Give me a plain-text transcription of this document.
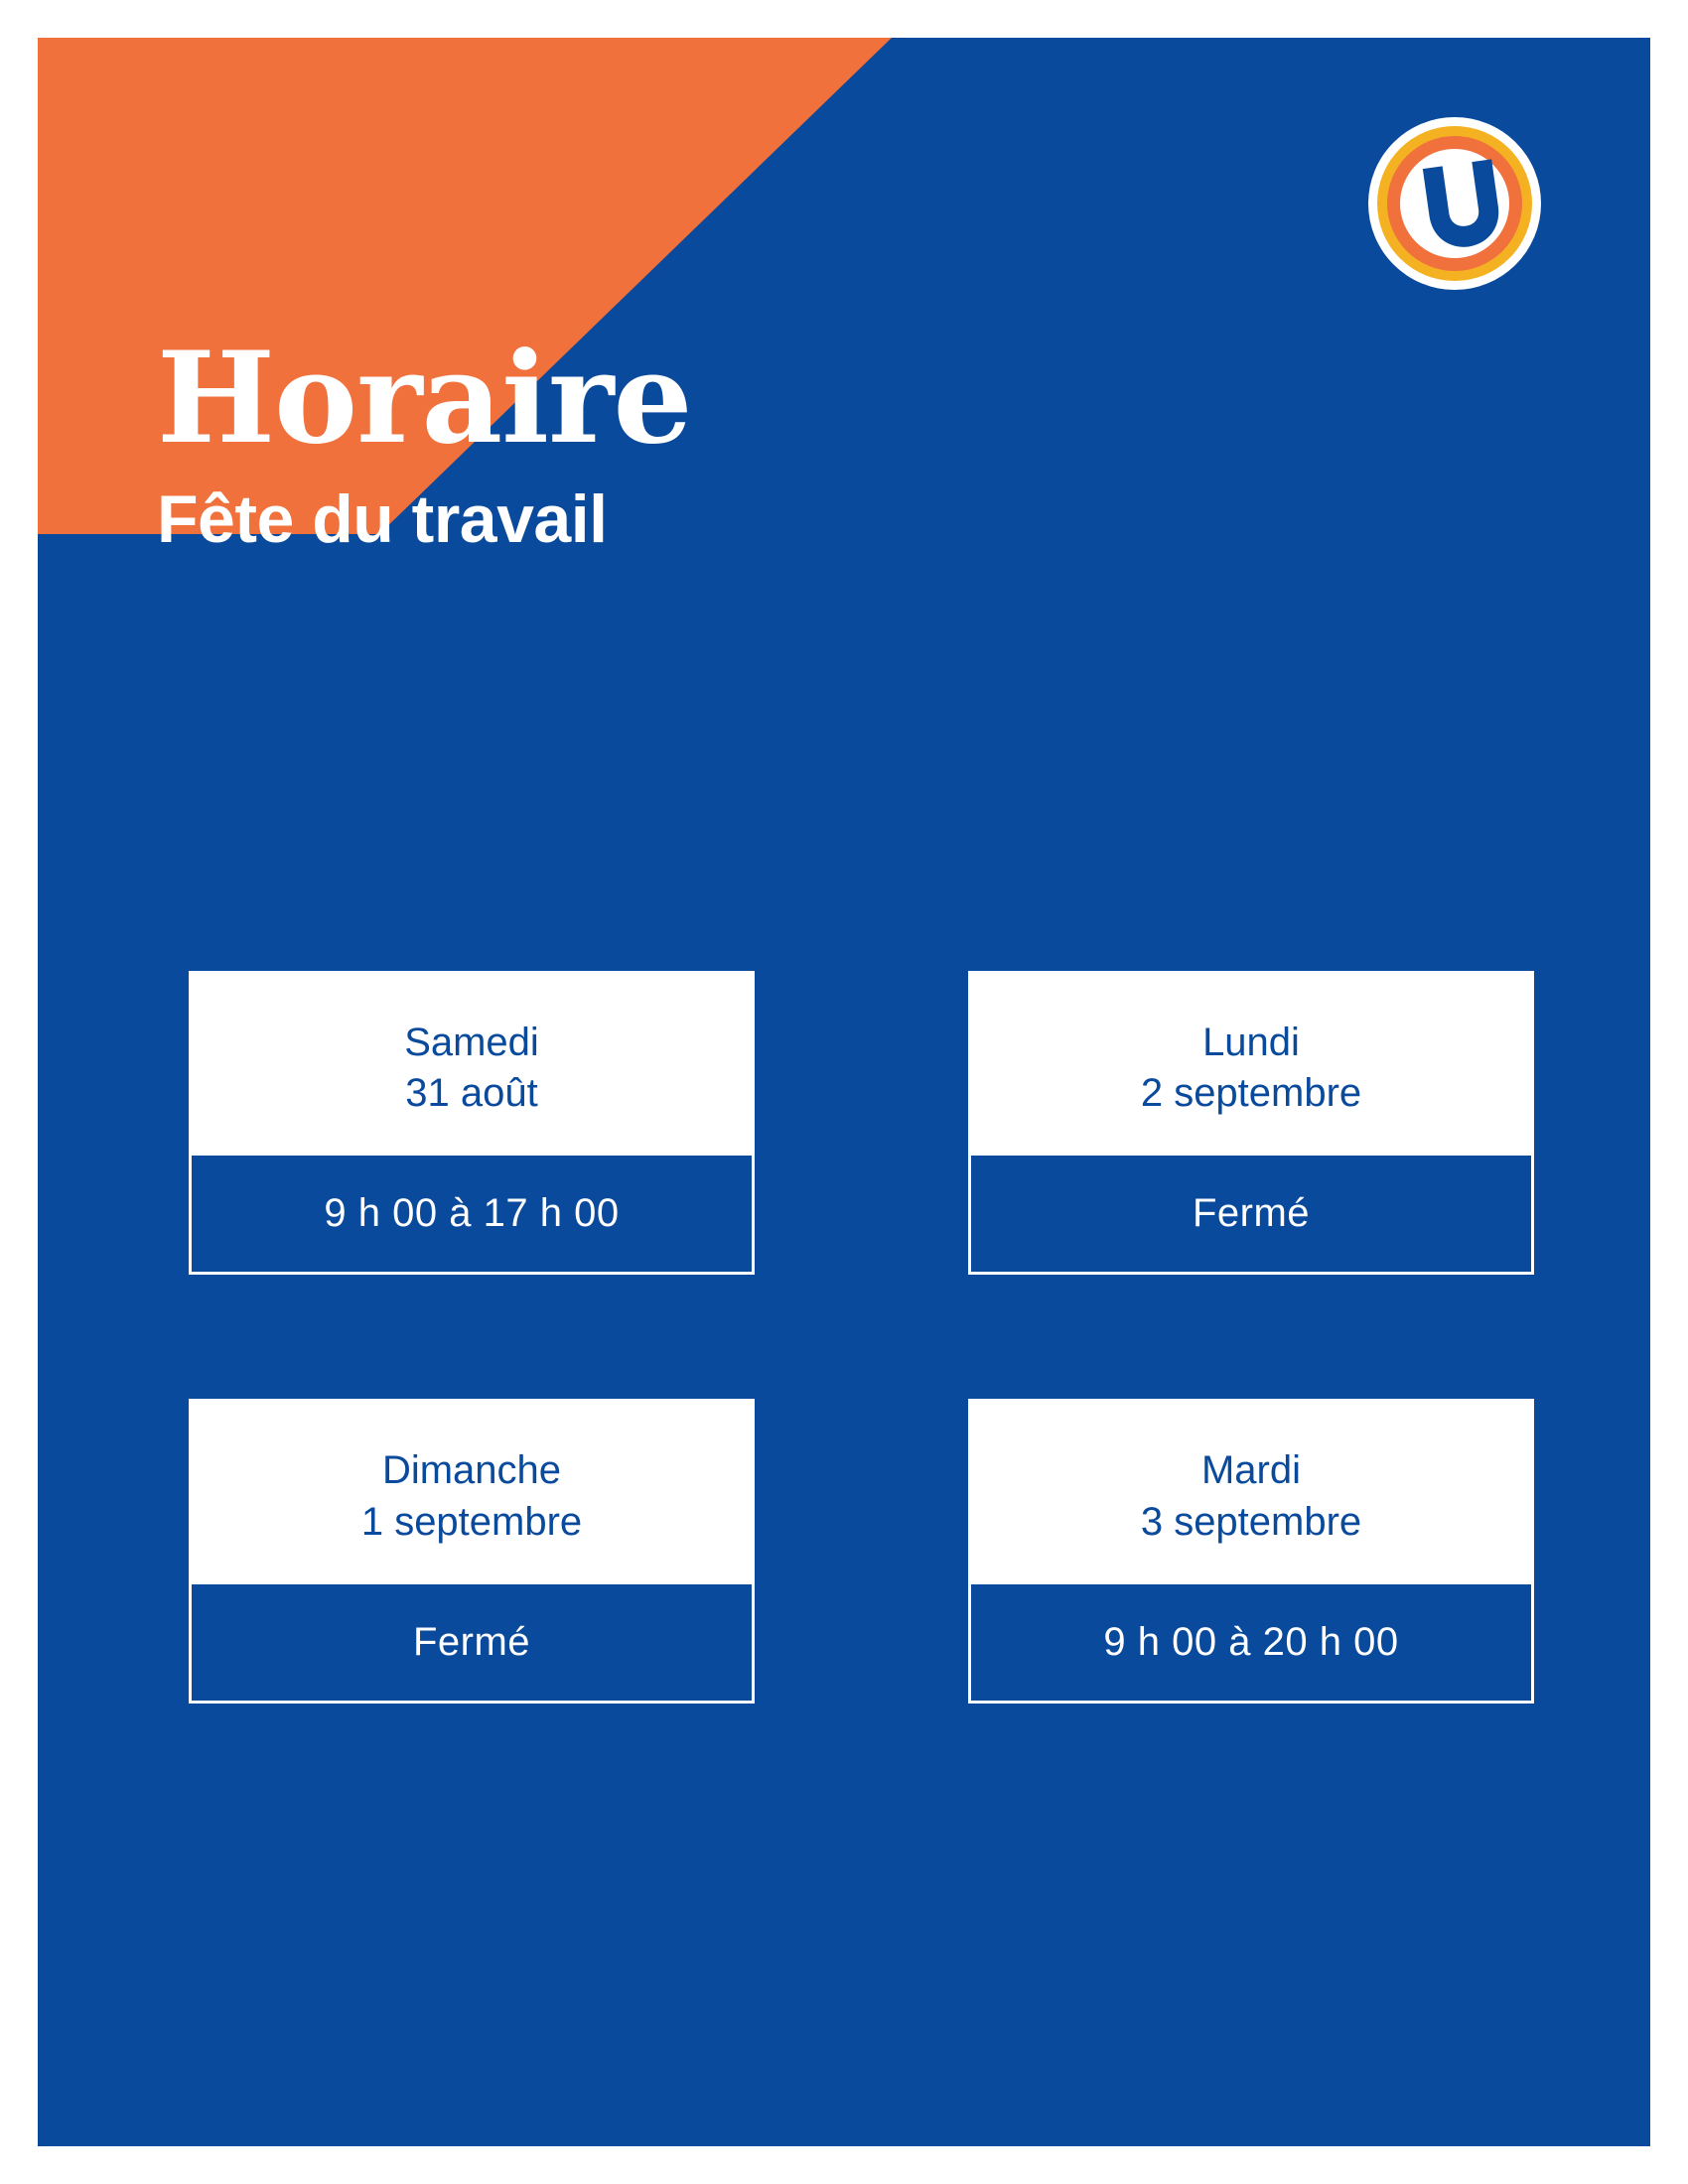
Horaire
Fête du travail
Samedi
31 août
9 h 00 à 17 h 00
Lundi
2 septembre
Fermé
Dimanche
1 septembre
Fermé
Mardi
3 septembre
9 h 00 à 20 h 00
